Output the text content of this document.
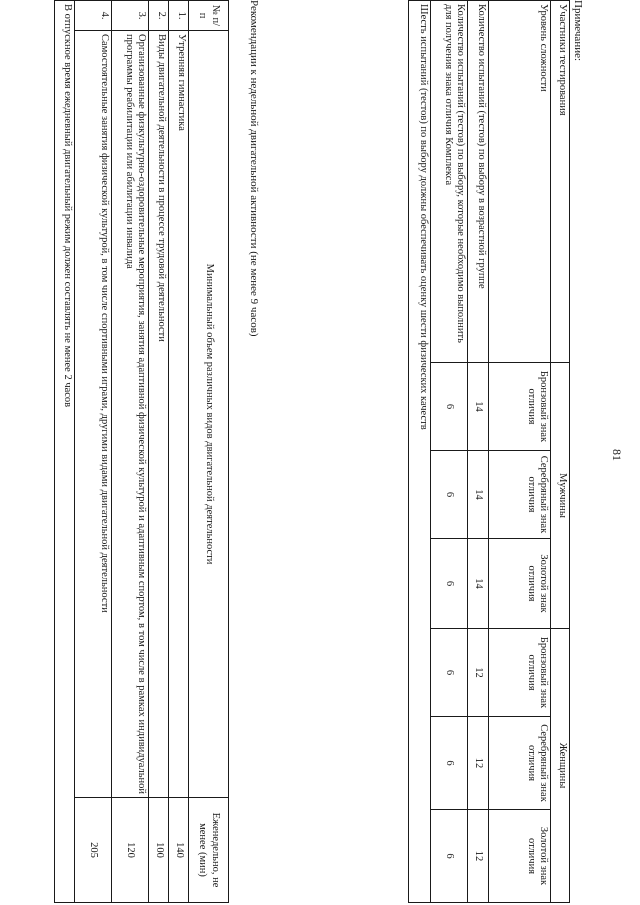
81
Примечание:
Участники тестирования	Мужчины			Женщины		
Уровень сложности	Бронзовый знак отличия	Серебряный знак отличия	Золотой знак отличия	Бронзовый знак отличия	Серебряный знак отличия	Золотой знак отличия
Количество испытаний (тестов) по выбору в возрастной группе	14	14	14	12	12	12
Количество испытаний (тестов) по выбору, которые необходимо выполнить для получения знака отличия Комплекса	6	6	6	6	6	6
Шесть испытаний (тестов) по выбору должны обеспечивать оценку шести физических качеств						
Рекомендации к недельной двигательной активности (не менее 9 часов)
№ п/п	Минимальный объем различных видов двигательной деятельности	Еженедельно, не менее (мин)
1.	Утренняя гимнастика	140
2.	Виды двигательной деятельности в процессе трудовой деятельности	100
3.	Организованные физкультурно-оздоровительные мероприятия, занятия адаптивной физической культурой и адаптивным спортом, в том числе в рамках индивидуальной программы реабилитации или абилитации инвалида	120
4.	Самостоятельные занятия физической культурой, в том числе спортивными играми, другими видами двигательной деятельности	205
В отпускное время ежедневный двигательный режим должен составлять не менее 2 часов		
